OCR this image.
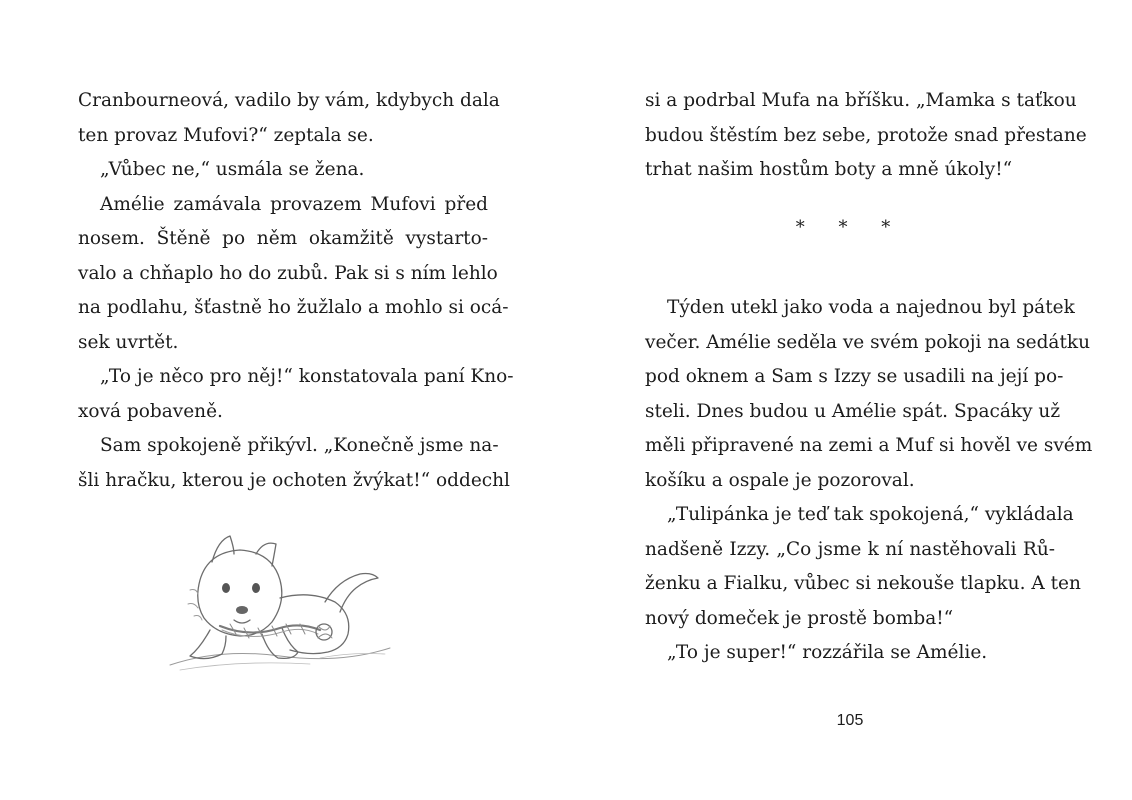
Cranbourneová, vadilo by vám, kdybych dala
ten provaz Mufovi?“ zeptala se.
„Vůbec ne,“ usmála se žena.
Amélie zamávala provazem Mufovi před
nosem. Štěně po něm okamžitě vystarto-
valo a chňaplo ho do zubů. Pak si s ním lehlo
na podlahu, šťastně ho žužlalo a mohlo si ocá-
sek uvrtět.
„To je něco pro něj!“ konstatovala paní Kno-
xová pobaveně.
Sam spokojeně přikývl. „Konečně jsme na-
šli hračku, kterou je ochoten žvýkat!“ oddechl
si a podrbal Mufa na bříšku. „Mamka s taťkou
budou štěstím bez sebe, protože snad přestane
trhat našim hostům boty a mně úkoly!“
* * *
Týden utekl jako voda a najednou byl pátek
večer. Amélie seděla ve svém pokoji na sedátku
pod oknem a Sam s Izzy se usadili na její po-
steli. Dnes budou u Amélie spát. Spacáky už
měli připravené na zemi a Muf si hověl ve svém
košíku a ospale je pozoroval.
„Tulipánka je teď tak spokojená,“ vykládala
nadšeně Izzy. „Co jsme k ní nastěhovali Rů-
ženku a Fialku, vůbec si nekouše tlapku. A ten
nový domeček je prostě bomba!“
„To je super!“ rozzářila se Amélie.
105
